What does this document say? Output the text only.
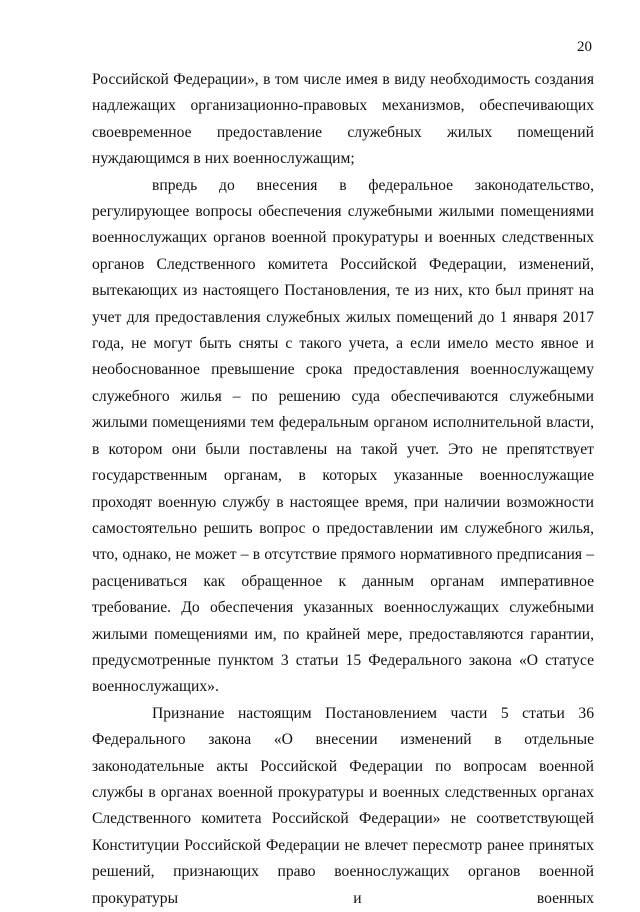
20

Российской Федерации», в том числе имея в виду необходимость создания надлежащих организационно-правовых механизмов, обеспечивающих своевременное предоставление служебных жилых помещений нуждающимся в них военнослужащим;

впредь до внесения в федеральное законодательство, регулирующее вопросы обеспечения служебными жилыми помещениями военнослужащих органов военной прокуратуры и военных следственных органов Следственного комитета Российской Федерации, изменений, вытекающих из настоящего Постановления, те из них, кто был принят на учет для предоставления служебных жилых помещений до 1 января 2017 года, не могут быть сняты с такого учета, а если имело место явное и необоснованное превышение срока предоставления военнослужащему служебного жилья – по решению суда обеспечиваются служебными жилыми помещениями тем федеральным органом исполнительной власти, в котором они были поставлены на такой учет. Это не препятствует государственным органам, в которых указанные военнослужащие проходят военную службу в настоящее время, при наличии возможности самостоятельно решить вопрос о предоставлении им служебного жилья, что, однако, не может – в отсутствие прямого нормативного предписания – расцениваться как обращенное к данным органам императивное требование. До обеспечения указанных военнослужащих служебными жилыми помещениями им, по крайней мере, предоставляются гарантии, предусмотренные пунктом 3 статьи 15 Федерального закона «О статусе военнослужащих».

Признание настоящим Постановлением части 5 статьи 36 Федерального закона «О внесении изменений в отдельные законодательные акты Российской Федерации по вопросам военной службы в органах военной прокуратуры и военных следственных органах Следственного комитета Российской Федерации» не соответствующей Конституции Российской Федерации не влечет пересмотр ранее принятых решений, признающих право военнослужащих органов военной прокуратуры и военных
